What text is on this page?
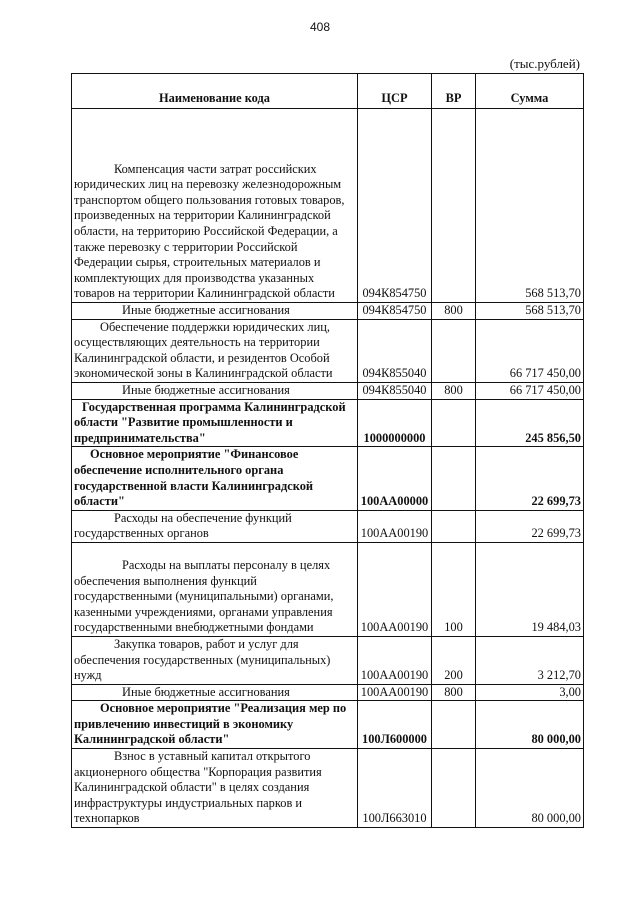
408
(тыс.рублей)
Наименование кода	ЦСР	ВР	Сумма
Компенсация части затрат российских юридических лиц на перевозку железнодорожным транспортом общего пользования готовых товаров, произведенных на территории Калининградской области, на территорию Российской Федерации, а также перевозку с территории Российской Федерации сырья, строительных материалов и комплектующих для производства указанных товаров на территории Калининградской области	094К854750		568 513,70
Иные бюджетные ассигнования	094К854750	800	568 513,70
Обеспечение поддержки юридических лиц, осуществляющих деятельность на территории Калининградской области, и резидентов Особой экономической зоны в Калининградской области	094К855040		66 717 450,00
Иные бюджетные ассигнования	094К855040	800	66 717 450,00
Государственная программа Калининградской области "Развитие промышленности и предпринимательства"	1000000000		245 856,50
Основное мероприятие "Финансовое обеспечение исполнительного органа государственной власти Калининградской области"	100АА00000		22 699,73
Расходы на обеспечение функций государственных органов	100АА00190		22 699,73
Расходы на выплаты персоналу в целях обеспечения выполнения функций государственными (муниципальными) органами, казенными учреждениями, органами управления государственными внебюджетными фондами	100АА00190	100	19 484,03
Закупка товаров, работ и услуг для обеспечения государственных (муниципальных) нужд	100АА00190	200	3 212,70
Иные бюджетные ассигнования	100АА00190	800	3,00
Основное мероприятие "Реализация мер по привлечению инвестиций в экономику Калининградской области"	100Л600000		80 000,00
Взнос в уставный капитал открытого акционерного общества "Корпорация развития Калининградской области" в целях создания инфраструктуры индустриальных парков и технопарков	100Л663010		80 000,00
